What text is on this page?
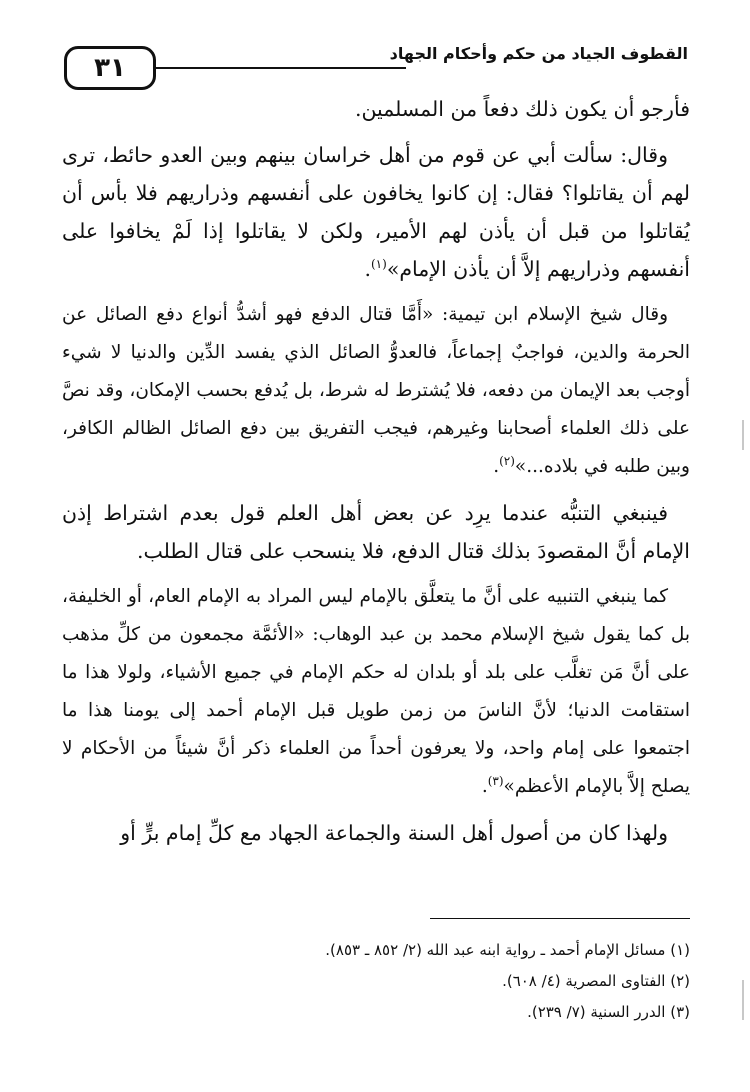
٣١	القطوف الجياد من حكم وأحكام الجهاد

فأرجو أن يكون ذلك دفعاً من المسلمين.

وقال: سألت أبي عن قوم من أهل خراسان بينهم وبين العدو حائط، ترى لهم أن يقاتلوا؟ فقال: إن كانوا يخافون على أنفسهم وذراريهم فلا بأس أن يُقاتلوا من قبل أن يأذن لهم الأمير، ولكن لا يقاتلوا إذا لَمْ يخافوا على أنفسهم وذراريهم إلاَّ أن يأذن الإمام»$^{(١)}$.

وقال شيخ الإسلام ابن تيمية: «أَمَّا قتال الدفع فهو أشدُّ أنواع دفع الصائل عن الحرمة والدين، فواجبٌ إجماعاً، فالعدوُّ الصائل الذي يفسد الدِّين والدنيا لا شيء أوجب بعد الإيمان من دفعه، فلا يُشترط له شرط، بل يُدفع بحسب الإمكان، وقد نصَّ على ذلك العلماء أصحابنا وغيرهم، فيجب التفريق بين دفع الصائل الظالم الكافر، وبين طلبه في بلاده...»$^{(٢)}$.

فينبغي التنبُّه عندما يرِد عن بعض أهل العلم قول بعدم اشتراط إذن الإمام أنَّ المقصودَ بذلك قتال الدفع، فلا ينسحب على قتال الطلب.

كما ينبغي التنبيه على أنَّ ما يتعلَّق بالإمام ليس المراد به الإمام العام، أو الخليفة، بل كما يقول شيخ الإسلام محمد بن عبد الوهاب: «الأئمَّة مجمعون من كلِّ مذهب على أنَّ مَن تغلَّب على بلد أو بلدان له حكم الإمام في جميع الأشياء، ولولا هذا ما استقامت الدنيا؛ لأنَّ الناسَ من زمن طويل قبل الإمام أحمد إلى يومنا هذا ما اجتمعوا على إمام واحد، ولا يعرفون أحداً من العلماء ذكر أنَّ شيئاً من الأحكام لا يصلح إلاَّ بالإمام الأعظم»$^{(٣)}$.

ولهذا كان من أصول أهل السنة والجماعة الجهاد مع كلِّ إمام برٍّ أو

(١) مسائل الإمام أحمد ـ رواية ابنه عبد الله (٢/ ٨٥٢ ـ ٨٥٣).
(٢) الفتاوى المصرية (٤/ ٦٠٨).
(٣) الدرر السنية (٧/ ٢٣٩).
